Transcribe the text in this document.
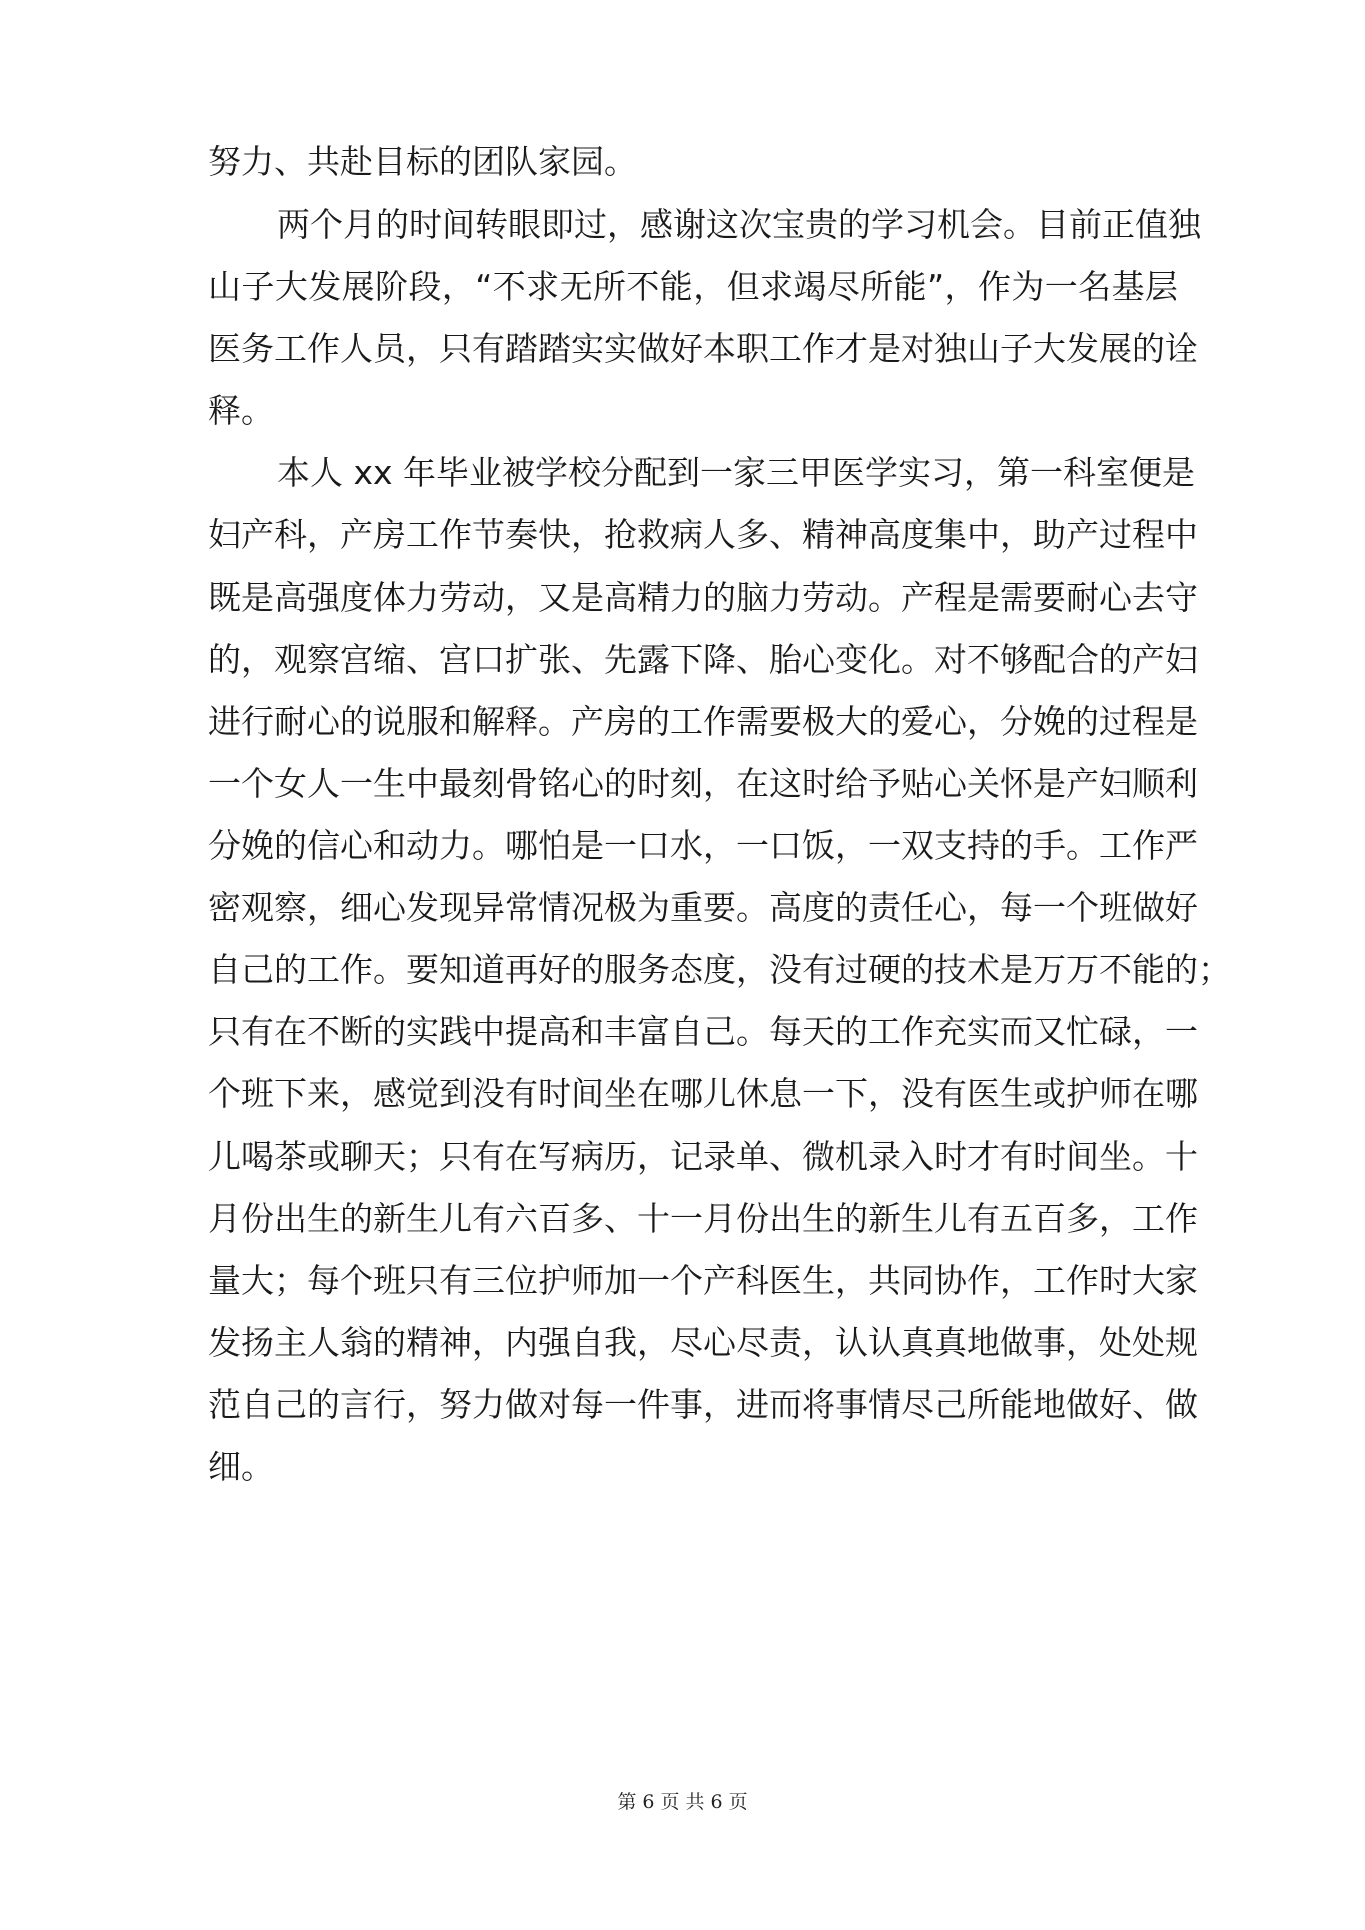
努力、共赴目标的团队家园。
两个月的时间转眼即过，感谢这次宝贵的学习机会。目前正值独
山子大发展阶段，“不求无所不能，但求竭尽所能”，作为一名基层
医务工作人员，只有踏踏实实做好本职工作才是对独山子大发展的诠
释。
本人 xx 年毕业被学校分配到一家三甲医学实习，第一科室便是
妇产科，产房工作节奏快，抢救病人多、精神高度集中，助产过程中
既是高强度体力劳动，又是高精力的脑力劳动。产程是需要耐心去守
的，观察宫缩、宫口扩张、先露下降、胎心变化。对不够配合的产妇
进行耐心的说服和解释。产房的工作需要极大的爱心，分娩的过程是
一个女人一生中最刻骨铭心的时刻，在这时给予贴心关怀是产妇顺利
分娩的信心和动力。哪怕是一口水，一口饭，一双支持的手。工作严
密观察，细心发现异常情况极为重要。高度的责任心，每一个班做好
自己的工作。要知道再好的服务态度，没有过硬的技术是万万不能的；
只有在不断的实践中提高和丰富自己。每天的工作充实而又忙碌，一
个班下来，感觉到没有时间坐在哪儿休息一下，没有医生或护师在哪
儿喝茶或聊天；只有在写病历，记录单、微机录入时才有时间坐。十
月份出生的新生儿有六百多、十一月份出生的新生儿有五百多，工作
量大；每个班只有三位护师加一个产科医生，共同协作，工作时大家
发扬主人翁的精神，内强自我，尽心尽责，认认真真地做事，处处规
范自己的言行，努力做对每一件事，进而将事情尽己所能地做好、做
细。
第 6 页 共 6 页
